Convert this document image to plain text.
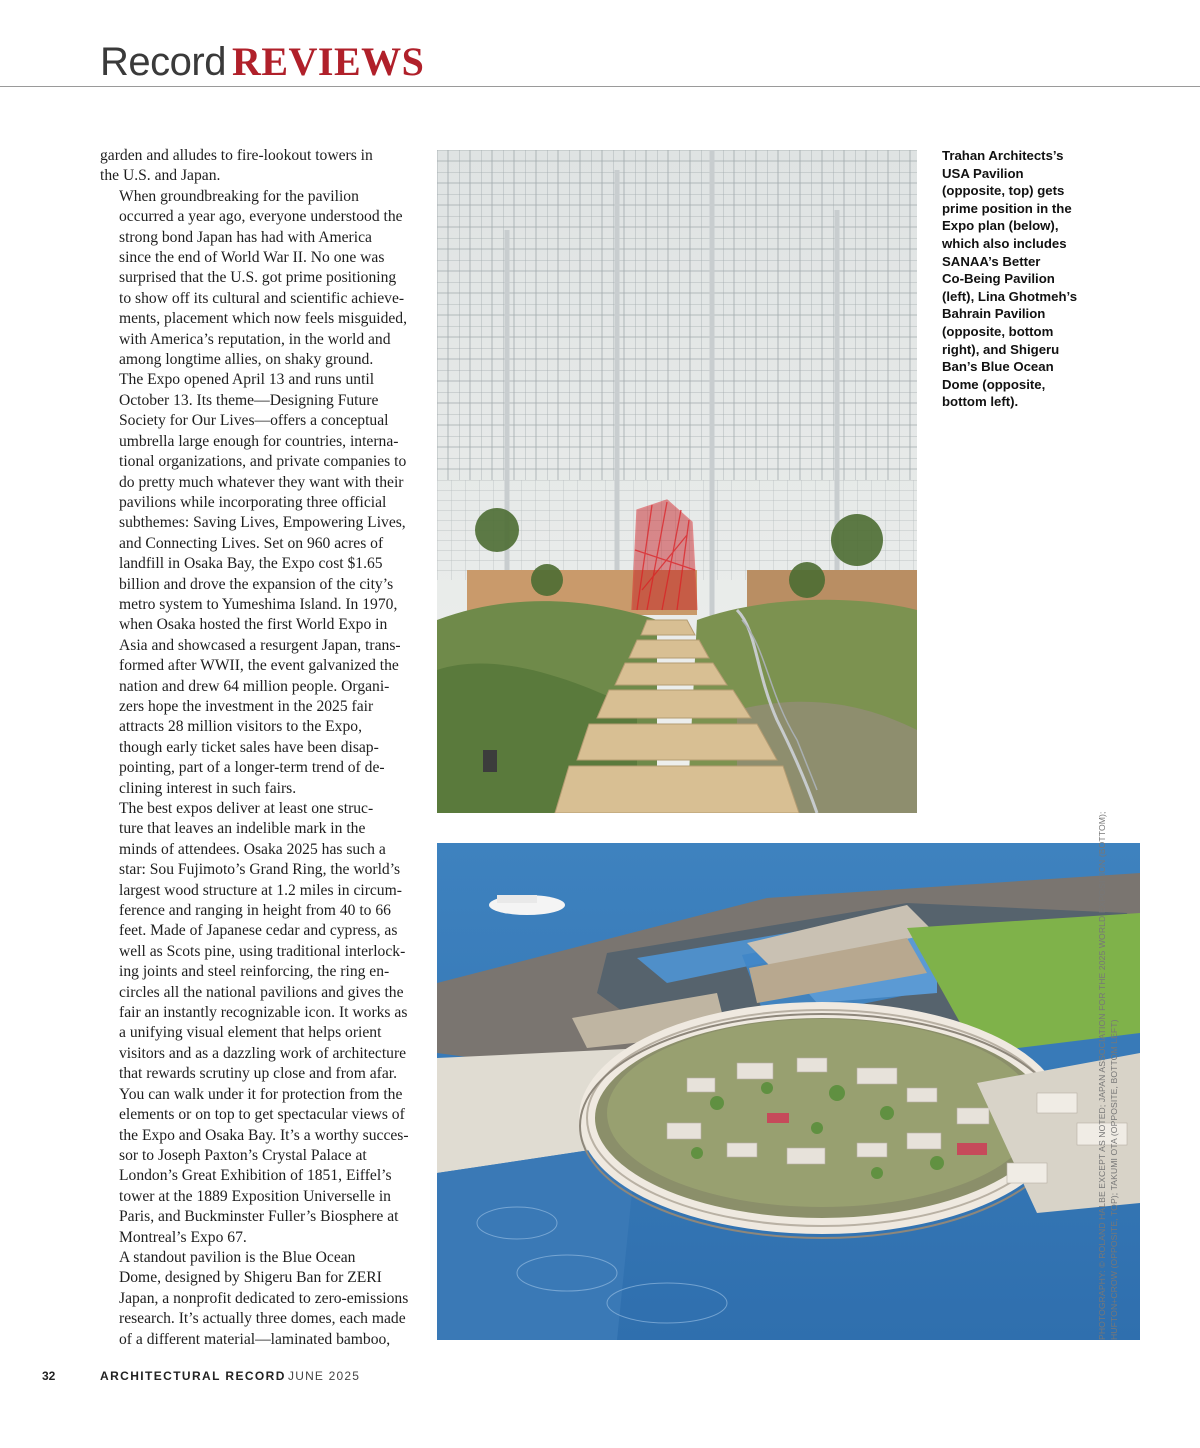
Record REVIEWS

garden and alludes to fire-lookout towers in
the U.S. and Japan.

When groundbreaking for the pavilion
occurred a year ago, everyone understood the
strong bond Japan has had with America
since the end of World War II. No one was
surprised that the U.S. got prime positioning
to show off its cultural and scientific achieve-
ments, placement which now feels misguided,
with America’s reputation, in the world and
among longtime allies, on shaky ground.

The Expo opened April 13 and runs until
October 13. Its theme—Designing Future
Society for Our Lives—offers a conceptual
umbrella large enough for countries, interna-
tional organizations, and private companies to
do pretty much whatever they want with their
pavilions while incorporating three official
subthemes: Saving Lives, Empowering Lives,
and Connecting Lives. Set on 960 acres of
landfill in Osaka Bay, the Expo cost $1.65
billion and drove the expansion of the city’s
metro system to Yumeshima Island. In 1970,
when Osaka hosted the first World Expo in
Asia and showcased a resurgent Japan, trans-
formed after WWII, the event galvanized the
nation and drew 64 million people. Organi-
zers hope the investment in the 2025 fair
attracts 28 million visitors to the Expo,
though early ticket sales have been disap-
pointing, part of a longer-term trend of de-
clining interest in such fairs.

The best expos deliver at least one struc-
ture that leaves an indelible mark in the
minds of attendees. Osaka 2025 has such a
star: Sou Fujimoto’s Grand Ring, the world’s
largest wood structure at 1.2 miles in circum-
ference and ranging in height from 40 to 66
feet. Made of Japanese cedar and cypress, as
well as Scots pine, using traditional interlock-
ing joints and steel reinforcing, the ring en-
circles all the national pavilions and gives the
fair an instantly recognizable icon. It works as
a unifying visual element that helps orient
visitors and as a dazzling work of architecture
that rewards scrutiny up close and from afar.
You can walk under it for protection from the
elements or on top to get spectacular views of
the Expo and Osaka Bay. It’s a worthy succes-
sor to Joseph Paxton’s Crystal Palace at
London’s Great Exhibition of 1851, Eiffel’s
tower at the 1889 Exposition Universelle in
Paris, and Buckminster Fuller’s Biosphere at
Montreal’s Expo 67.

A standout pavilion is the Blue Ocean
Dome, designed by Shigeru Ban for ZERI
Japan, a nonprofit dedicated to zero-emissions
research. It’s actually three domes, each made
of a different material—laminated bamboo,

Trahan Architects’s
USA Pavilion
(opposite, top) gets
prime position in the
Expo plan (below),
which also includes
SANAA’s Better
Co-Being Pavilion
(left), Lina Ghotmeh’s
Bahrain Pavilion
(opposite, bottom
right), and Shigeru
Ban’s Blue Ocean
Dome (opposite,
bottom left).
PHOTOGRAPHY: © ROLAND HALBE EXCEPT AS NOTED; JAPAN ASSOCIATION FOR THE 2025 WORLD EXPOSITION (BOTTOM); HUFTON+CROW (OPPOSITE, TOP); TAKUMI OTA (OPPOSITE, BOTTOM LEFT)
32	ARCHITECTURAL RECORD JUNE 2025
